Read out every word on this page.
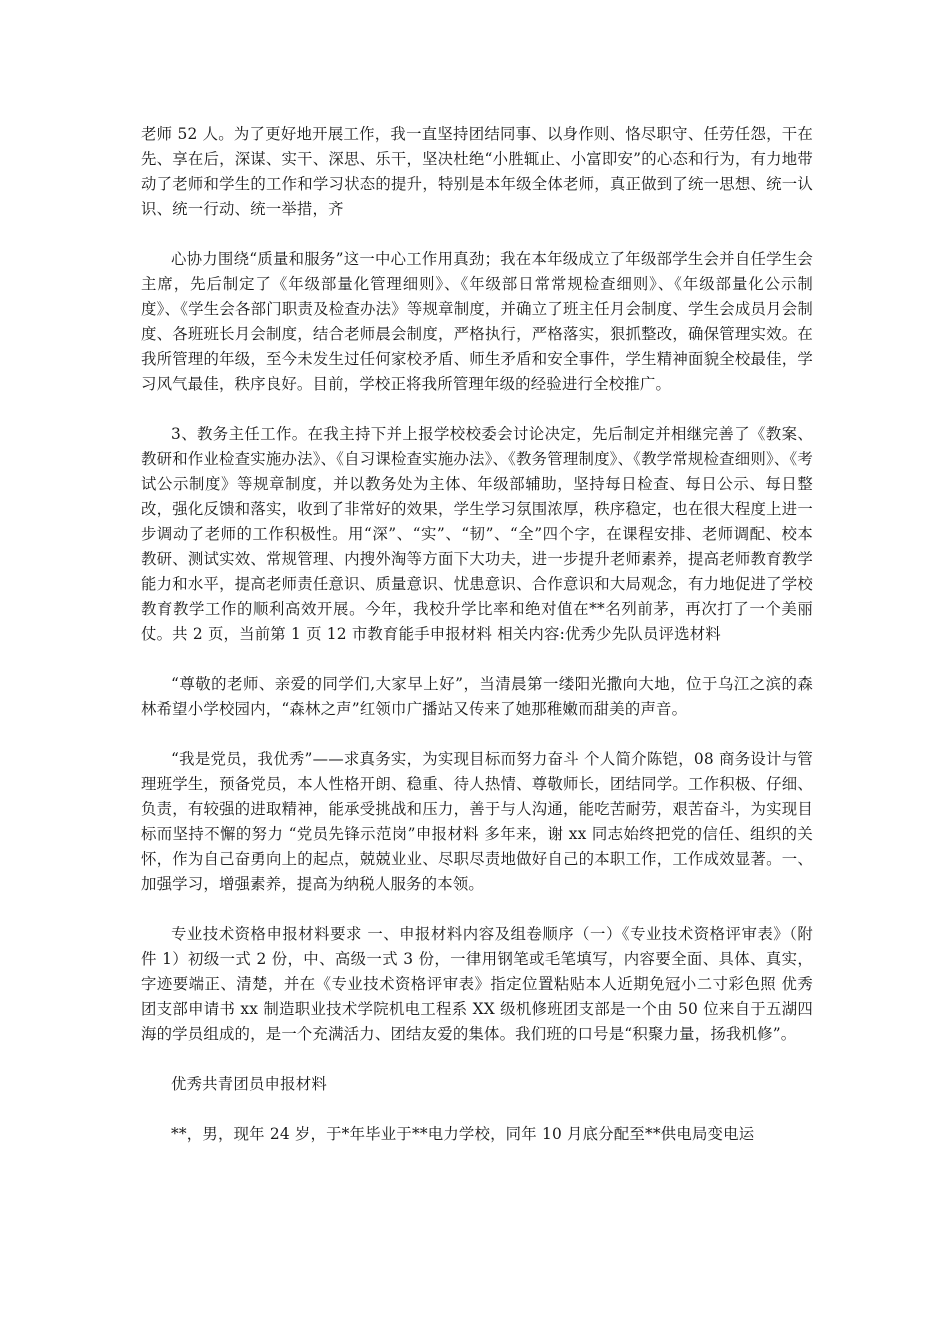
老师 52 人。为了更好地开展工作，我一直坚持团结同事、以身作则、恪尽职守、任劳任怨，干在先、享在后，深谋、实干、深思、乐干，坚决杜绝“小胜辄止、小富即安”的心态和行为，有力地带动了老师和学生的工作和学习状态的提升，特别是本年级全体老师，真正做到了统一思想、统一认识、统一行动、统一举措，齐

心协力围绕“质量和服务”这一中心工作用真劲；我在本年级成立了年级部学生会并自任学生会主席，先后制定了《年级部量化管理细则》、《年级部日常常规检查细则》、《年级部量化公示制度》、《学生会各部门职责及检查办法》等规章制度，并确立了班主任月会制度、学生会成员月会制度、各班班长月会制度，结合老师晨会制度，严格执行，严格落实，狠抓整改，确保管理实效。在我所管理的年级，至今未发生过任何家校矛盾、师生矛盾和安全事件，学生精神面貌全校最佳，学习风气最佳，秩序良好。目前，学校正将我所管理年级的经验进行全校推广。

3、教务主任工作。在我主持下并上报学校校委会讨论决定，先后制定并相继完善了《教案、教研和作业检查实施办法》、《自习课检查实施办法》、《教务管理制度》、《教学常规检查细则》、《考试公示制度》等规章制度，并以教务处为主体、年级部辅助，坚持每日检查、每日公示、每日整改，强化反馈和落实，收到了非常好的效果，学生学习氛围浓厚，秩序稳定，也在很大程度上进一步调动了老师的工作积极性。用“深”、“实”、“韧”、“全”四个字，在课程安排、老师调配、校本教研、测试实效、常规管理、内搜外淘等方面下大功夫，进一步提升老师素养，提高老师教育教学能力和水平，提高老师责任意识、质量意识、忧患意识、合作意识和大局观念，有力地促进了学校教育教学工作的顺利高效开展。今年，我校升学比率和绝对值在**名列前茅，再次打了一个美丽仗。共 2 页，当前第 1 页 12 市教育能手申报材料 相关内容:优秀少先队员评选材料

“尊敬的老师、亲爱的同学们,大家早上好”，当清晨第一缕阳光撒向大地，位于乌江之滨的森林希望小学校园内，“森林之声”红领巾广播站又传来了她那稚嫩而甜美的声音。

“我是党员，我优秀”——求真务实，为实现目标而努力奋斗 个人简介陈铠，08 商务设计与管理班学生，预备党员，本人性格开朗、稳重、待人热情、尊敬师长，团结同学。工作积极、仔细、负责，有较强的进取精神，能承受挑战和压力，善于与人沟通，能吃苦耐劳，艰苦奋斗，为实现目标而坚持不懈的努力 “党员先锋示范岗”申报材料 多年来，谢 xx 同志始终把党的信任、组织的关怀，作为自己奋勇向上的起点，兢兢业业、尽职尽责地做好自己的本职工作，工作成效显著。一、加强学习，增强素养，提高为纳税人服务的本领。

专业技术资格申报材料要求 一、申报材料内容及组卷顺序（一）《专业技术资格评审表》（附件 1）初级一式 2 份，中、高级一式 3 份，一律用钢笔或毛笔填写，内容要全面、具体、真实，字迹要端正、清楚，并在《专业技术资格评审表》指定位置粘贴本人近期免冠小二寸彩色照 优秀团支部申请书 xx 制造职业技术学院机电工程系 XX 级机修班团支部是一个由 50 位来自于五湖四海的学员组成的，是一个充满活力、团结友爱的集体。我们班的口号是“积聚力量，扬我机修”。

优秀共青团员申报材料

**，男，现年 24 岁，于*年毕业于**电力学校，同年 10 月底分配至**供电局变电运
